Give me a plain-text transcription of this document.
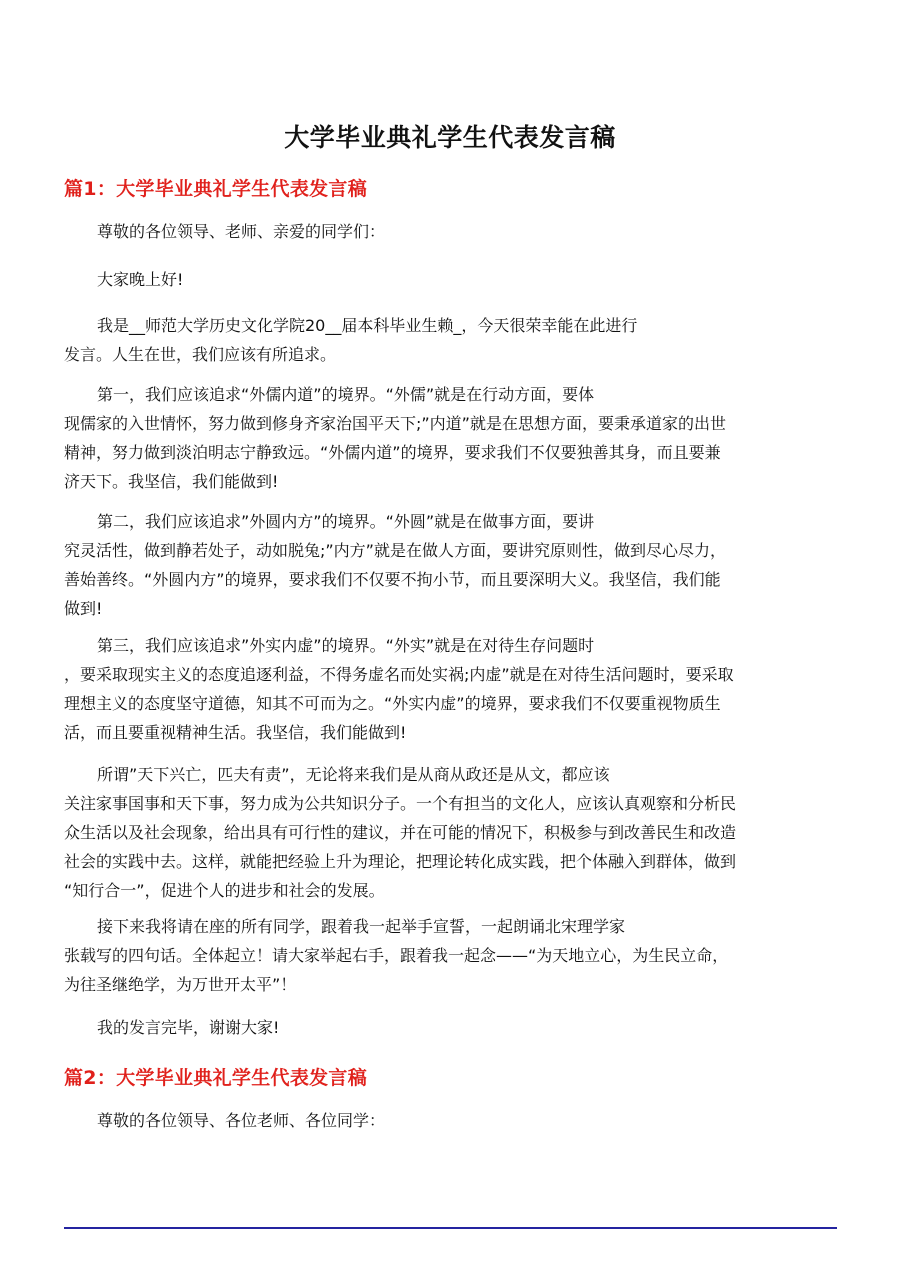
大学毕业典礼学生代表发言稿
篇1：大学毕业典礼学生代表发言稿
尊敬的各位领导、老师、亲爱的同学们：
大家晚上好!
我是__师范大学历史文化学院20__届本科毕业生赖_，今天很荣幸能在此进行
发言。人生在世，我们应该有所追求。
第一，我们应该追求“外儒内道”的境界。“外儒”就是在行动方面，要体
现儒家的入世情怀，努力做到修身齐家治国平天下;”内道”就是在思想方面，要秉承道家的出世
精神，努力做到淡泊明志宁静致远。“外儒内道”的境界，要求我们不仅要独善其身，而且要兼
济天下。我坚信，我们能做到!
第二，我们应该追求”外圆内方”的境界。“外圆”就是在做事方面，要讲
究灵活性，做到静若处子，动如脱兔;”内方”就是在做人方面，要讲究原则性，做到尽心尽力，
善始善终。“外圆内方”的境界，要求我们不仅要不拘小节，而且要深明大义。我坚信，我们能
做到!
第三，我们应该追求”外实内虚”的境界。“外实”就是在对待生存问题时
，要采取现实主义的态度追逐利益，不得务虚名而处实祸;内虚”就是在对待生活问题时，要采取
理想主义的态度坚守道德，知其不可而为之。“外实内虚”的境界，要求我们不仅要重视物质生
活，而且要重视精神生活。我坚信，我们能做到!
所谓”天下兴亡，匹夫有责”，无论将来我们是从商从政还是从文，都应该
关注家事国事和天下事，努力成为公共知识分子。一个有担当的文化人，应该认真观察和分析民
众生活以及社会现象，给出具有可行性的建议，并在可能的情况下，积极参与到改善民生和改造
社会的实践中去。这样，就能把经验上升为理论，把理论转化成实践，把个体融入到群体，做到
“知行合一”，促进个人的进步和社会的发展。
接下来我将请在座的所有同学，跟着我一起举手宣誓，一起朗诵北宋理学家
张载写的四句话。全体起立！请大家举起右手，跟着我一起念——“为天地立心，为生民立命，
为往圣继绝学，为万世开太平”！
我的发言完毕，谢谢大家!
篇2：大学毕业典礼学生代表发言稿
尊敬的各位领导、各位老师、各位同学：
